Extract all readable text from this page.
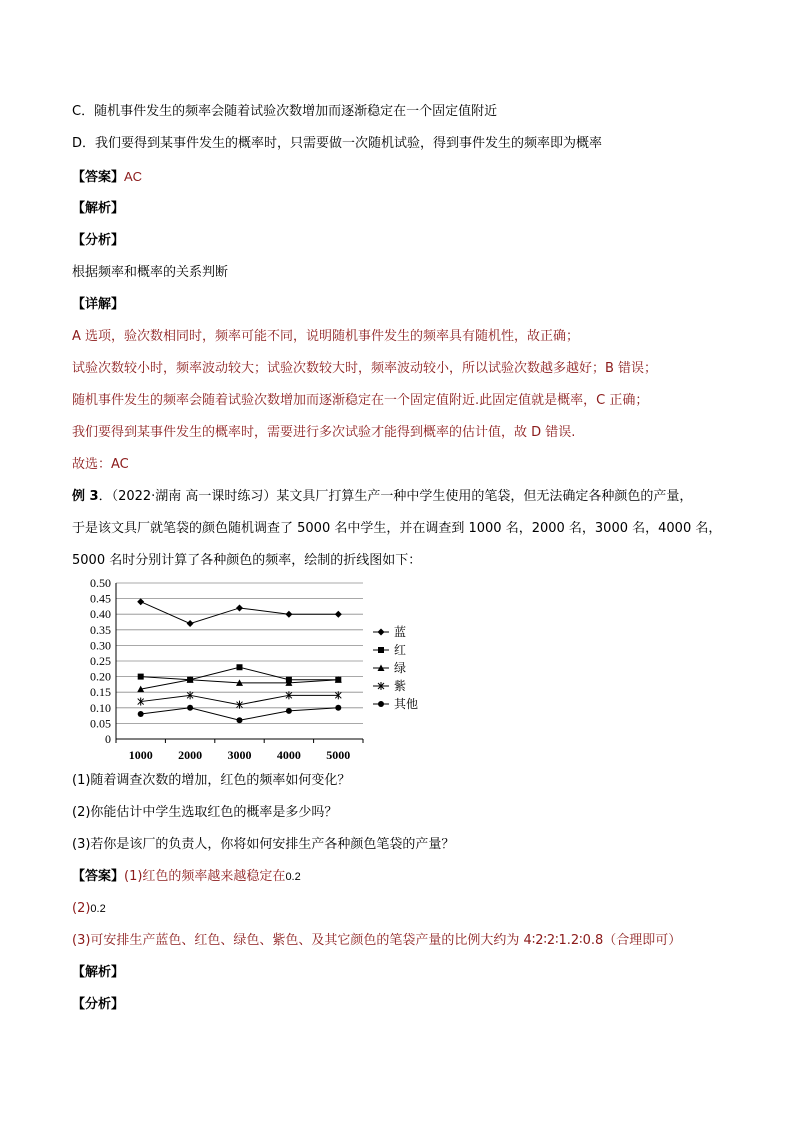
C．随机事件发生的频率会随着试验次数增加而逐渐稳定在一个固定值附近
D．我们要得到某事件发生的概率时，只需要做一次随机试验，得到事件发生的频率即为概率
【答案】AC
【解析】
【分析】
根据频率和概率的关系判断
【详解】
A 选项，验次数相同时，频率可能不同，说明随机事件发生的频率具有随机性，故正确；
试验次数较小时，频率波动较大；试验次数较大时，频率波动较小，所以试验次数越多越好；B 错误；
随机事件发生的频率会随着试验次数增加而逐渐稳定在一个固定值附近.此固定值就是概率，C 正确；
我们要得到某事件发生的概率时，需要进行多次试验才能得到概率的估计值，故 D 错误.
故选：AC
例 3．（2022·湖南 高一课时练习）某文具厂打算生产一种中学生使用的笔袋，但无法确定各种颜色的产量，
于是该文具厂就笔袋的颜色随机调查了 5000 名中学生，并在调查到 1000 名，2000 名，3000 名，4000 名，
5000 名时分别计算了各种颜色的频率，绘制的折线图如下：
0
0.05
0.10
0.15
0.20
0.25
0.30
0.35
0.40
0.45
0.50
1000 2000 3000 4000 5000
蓝
红
绿
紫
其他
(1)随着调查次数的增加，红色的频率如何变化？
(2)你能估计中学生选取红色的概率是多少吗？
(3)若你是该厂的负责人，你将如何安排生产各种颜色笔袋的产量？
【答案】(1)红色的频率越来越稳定在0.2
(2)0.2
(3)可安排生产蓝色、红色、绿色、紫色、及其它颜色的笔袋产量的比例大约为 4∶2∶2∶1.2∶0.8（合理即可）
【解析】
【分析】
